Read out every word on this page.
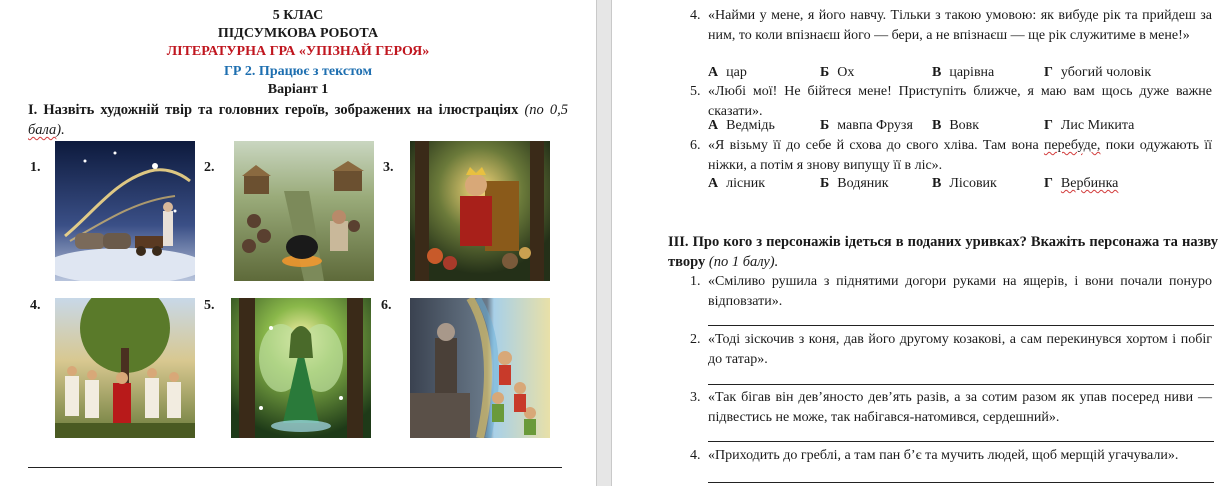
5 КЛАС
ПІДСУМКОВА РОБОТА
ЛІТЕРАТУРНА ГРА «УПІЗНАЙ ГЕРОЯ»
ГР 2. Працює з текстом
Варіант 1
І. Назвіть художній твір та головних героїв, зображених на ілюстраціях (по 0,5 бала).
1.	2.	3.
4.	5.	6.
4. «Найми у мене, я його навчу. Тільки з такою умовою: як вибуде рік та прийдеш за ним, то коли впізнаєш його — бери, а не впізнаєш — ще рік служитиме в мене!»
А цар	Б Ох	В царівна	Г убогий чоловік
5. «Любі мої! Не бійтеся мене! Приступіть ближче, я маю вам щось дуже важне сказати».
А Ведмідь	Б мавпа Фрузя В Вовк	Г Лис Микита
6. «Я візьму її до себе й схова до свого хліва. Там вона перебуде, поки одужають її ніжки, а потім я знову випущу її в ліс».
А лісник	Б Водяник	В Лісовик	Г Вербинка
ІІІ. Про кого з персонажів ідеться в поданих уривках? Вкажіть персонажа та назву твору (по 1 балу).
1. «Сміливо рушила з піднятими догори руками на ящерів, і вони почали понуро відповзати».
2. «Тоді зіскочив з коня, дав його другому козакові, а сам перекинувся хортом і побіг до татар».
3. «Так бігав він дев’яносто дев’ять разів, а за сотим разом як упав посеред ниви — підвестись не може, так набігався-натомився, сердешний».
4. «Приходить до греблі, а там пан б’є та мучить людей, щоб мерщій угачували».
